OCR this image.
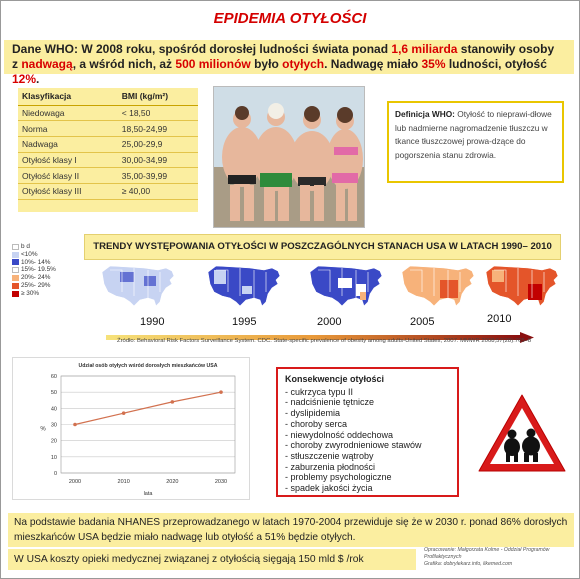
EPIDEMIA OTYŁOŚCI
Dane WHO: W 2008 roku, spośród dorosłej ludności świata ponad 1,6 miliarda stanowiły osoby
z nadwagą, a wśród nich, aż 500 milionów było otyłych. Nadwagę miało 35% ludności, otyłość 12%.
Klasyfikacja	BMI (kg/m²)
Niedowaga	< 18,50
Norma	18,50-24,99
Nadwaga	25,00-29,9
Otyłość klasy I	30,00-34,99
Otyłość klasy II	35,00-39,99
Otyłość klasy III	≥ 40,00
Definicja WHO: Otyłość to nieprawi-dłowe lub nadmierne nagromadzenie tłuszczu w tkance tłuszczowej prowa-dzące do pogorszenia stanu zdrowia.
b d
<10%
10%- 14%
15%- 19.5%
20%- 24%
25%- 29%
≥ 30%
TRENDY WYSTĘPOWANIA OTYŁOŚCI W POSZCZAGÓLNYCH STANACH USA W LATACH 1990– 2010
1990	1995	2000	2005	2010
Źródło: Behavioral Risk Factors Surveillance System. CDC. State-specific prevalence of obesity among adults-United States, 2007. MMWR 2008;57(28):765–8
Udział osób otyłych wśród dorosłych mieszkańców USA
0
10
20
30
40
50
60
2000	2010	2020	2030
lata
%
Konsekwencje otyłości
- cukrzyca typu II
- nadciśnienie tętnicze
- dyslipidemia
- choroby serca
- niewydolność oddechowa
- choroby zwyrodnieniowe stawów
- stłuszczenie wątroby
- zaburzenia płodności
- problemy psychologiczne
- spadek jakości życia
Na podstawie badania NHANES przeprowadzanego w latach 1970-2004 przewiduje się że w 2030 r. ponad 86% dorosłych mieszkańców USA będzie miało nadwagę lub otyłość a 51% będzie otyłych.
W USA koszty opieki medycznej związanej z otyłością sięgają 150 mld $ /rok
Opracowanie: Małgorzata Kolme - Oddział Programów
Profilaktycznych
Grafika: dobrylekarz.info, likemed.com
